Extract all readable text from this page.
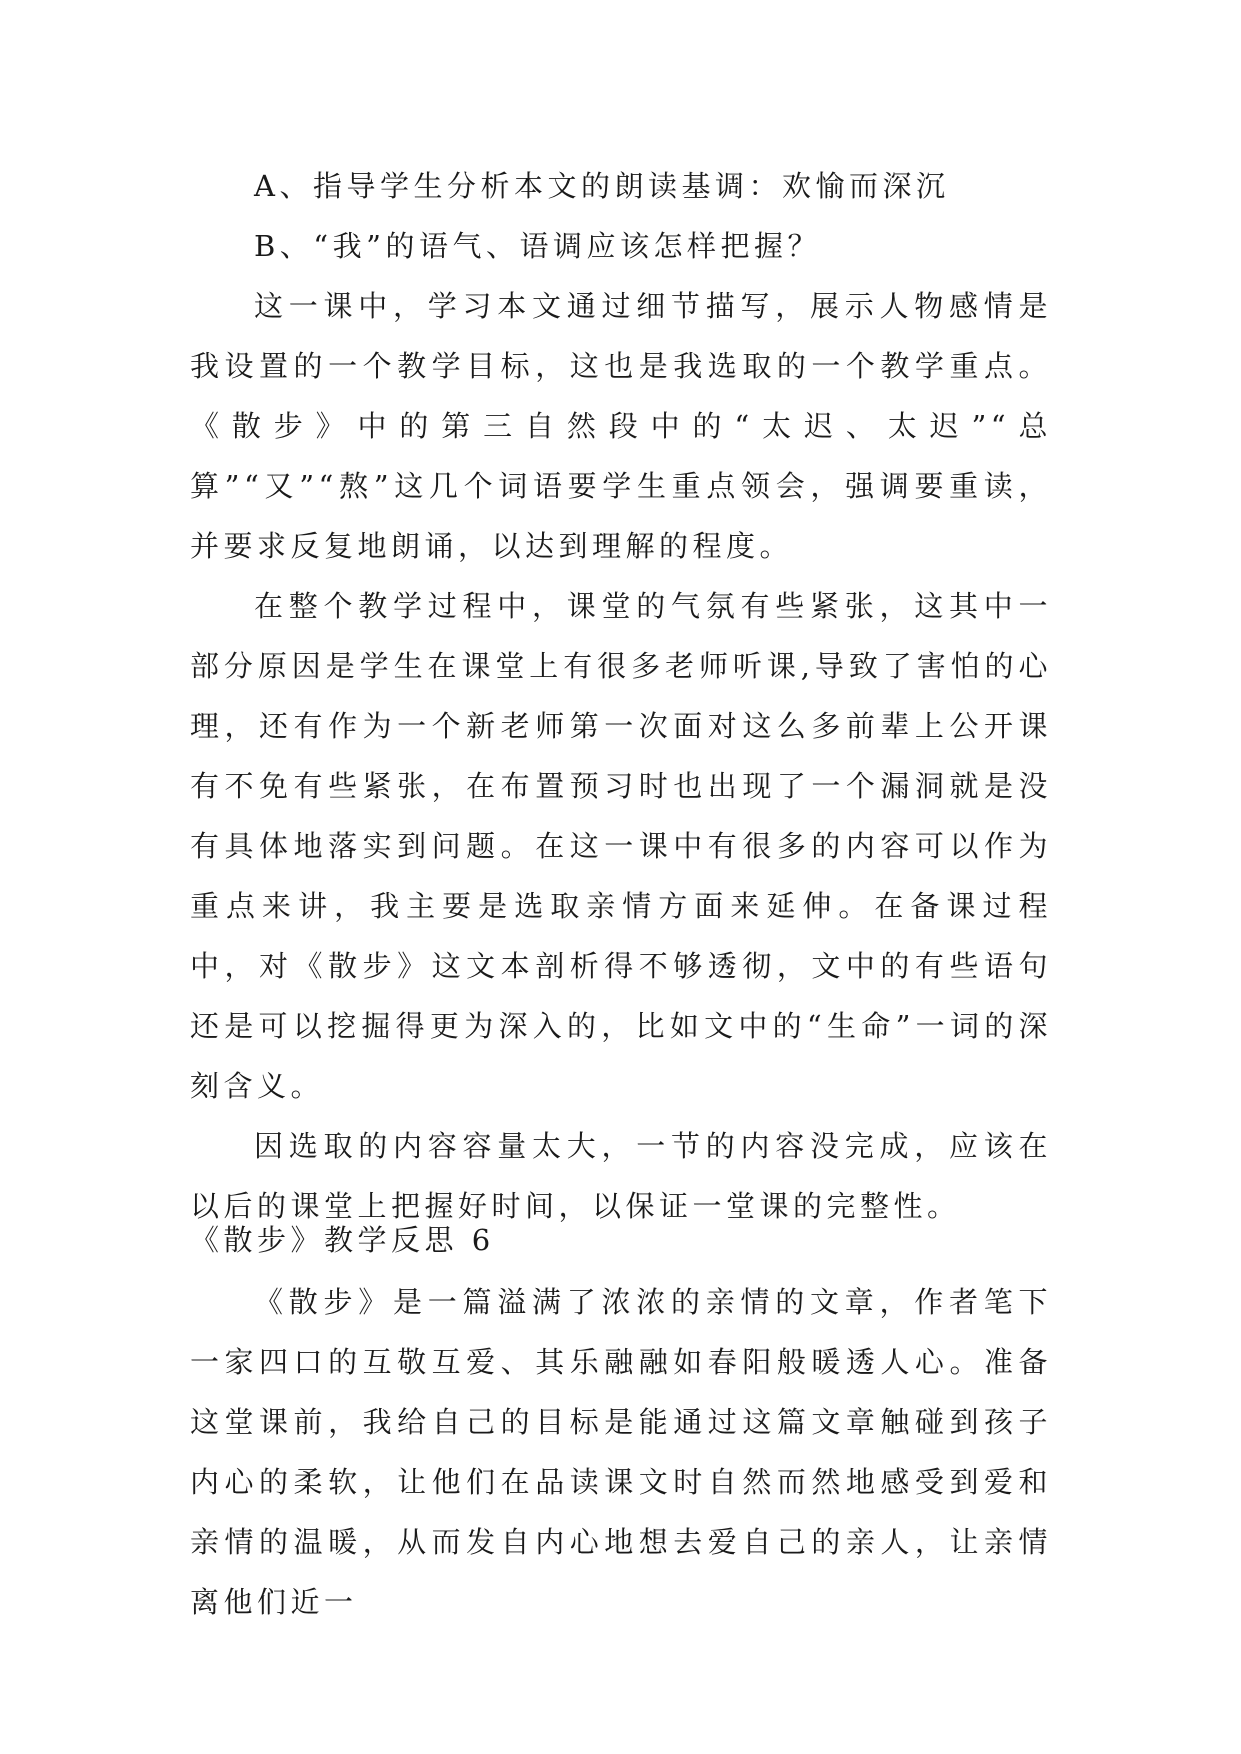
A、指导学生分析本文的朗读基调：欢愉而深沉

B、“我”的语气、语调应该怎样把握？

这一课中，学习本文通过细节描写，展示人物感情是我设置的一个教学目标，这也是我选取的一个教学重点。《散步》中的第三自然段中的“太迟、太迟”“总算”“又”“熬”这几个词语要学生重点领会，强调要重读，并要求反复地朗诵，以达到理解的程度。

在整个教学过程中，课堂的气氛有些紧张，这其中一部分原因是学生在课堂上有很多老师听课,导致了害怕的心理，还有作为一个新老师第一次面对这么多前辈上公开课有不免有些紧张，在布置预习时也出现了一个漏洞就是没有具体地落实到问题。在这一课中有很多的内容可以作为重点来讲，我主要是选取亲情方面来延伸。在备课过程中，对《散步》这文本剖析得不够透彻，文中的有些语句还是可以挖掘得更为深入的，比如文中的“生命”一词的深刻含义。

因选取的内容容量太大，一节的内容没完成，应该在以后的课堂上把握好时间，以保证一堂课的完整性。

《散步》教学反思 6

《散步》是一篇溢满了浓浓的亲情的文章，作者笔下一家四口的互敬互爱、其乐融融如春阳般暖透人心。准备这堂课前，我给自己的目标是能通过这篇文章触碰到孩子内心的柔软，让他们在品读课文时自然而然地感受到爱和亲情的温暖，从而发自内心地想去爱自己的亲人，让亲情离他们近一
